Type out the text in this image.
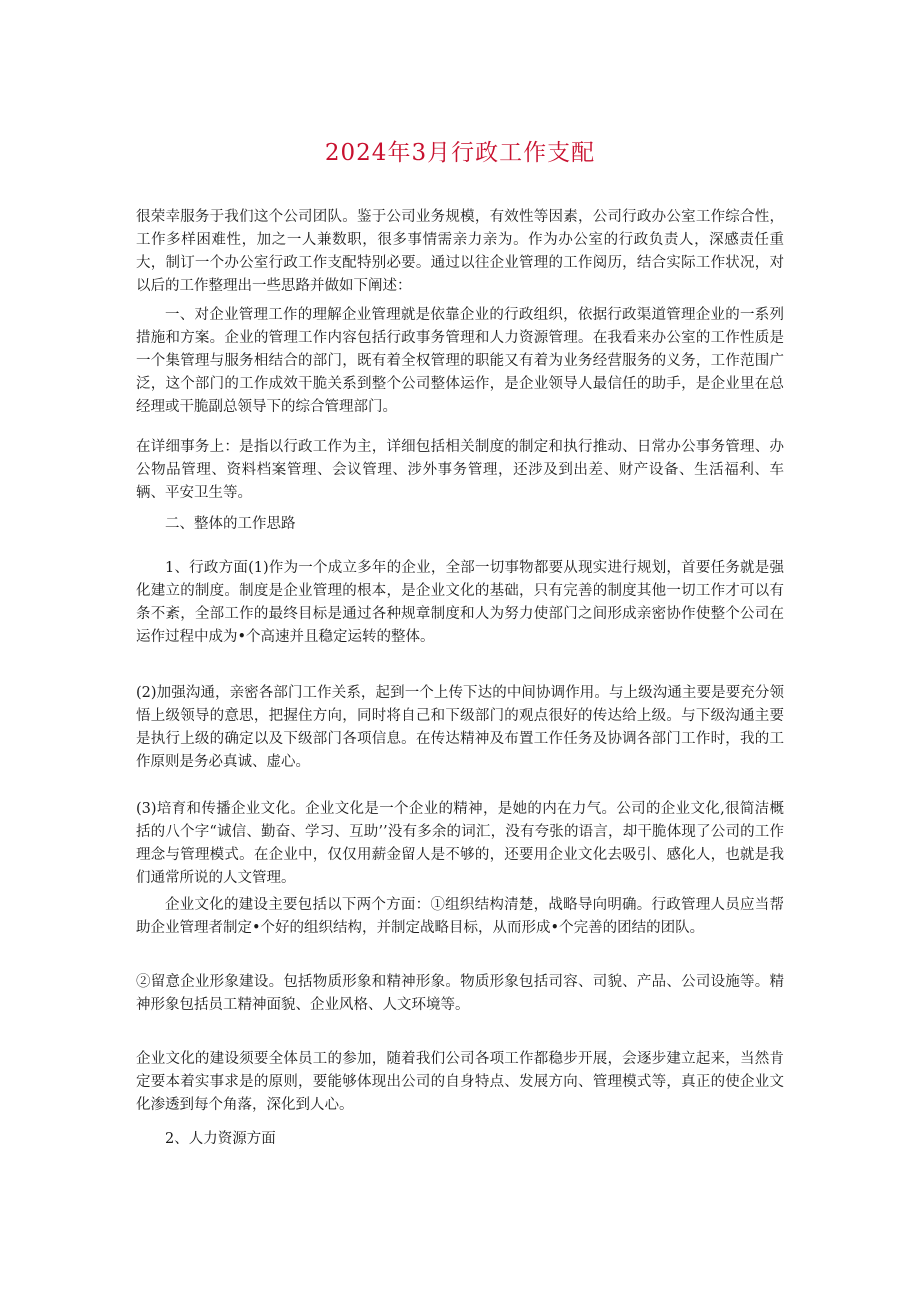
2024年3月行政工作支配

很荣幸服务于我们这个公司团队。鉴于公司业务规模，有效性等因素，公司行政办公室工作综合性，工作多样困难性，加之一人兼数职，很多事情需亲力亲为。作为办公室的行政负责人，深感责任重大，制订一个办公室行政工作支配特别必要。通过以往企业管理的工作阅历，结合实际工作状况，对以后的工作整理出一些思路并做如下阐述：

一、对企业管理工作的理解企业管理就是依靠企业的行政组织，依据行政渠道管理企业的一系列措施和方案。企业的管理工作内容包括行政事务管理和人力资源管理。在我看来办公室的工作性质是一个集管理与服务相结合的部门，既有着全权管理的职能又有着为业务经营服务的义务，工作范围广泛，这个部门的工作成效干脆关系到整个公司整体运作，是企业领导人最信任的助手，是企业里在总经理或干脆副总领导下的综合管理部门。

在详细事务上：是指以行政工作为主，详细包括相关制度的制定和执行推动、日常办公事务管理、办公物品管理、资料档案管理、会议管理、涉外事务管理，还涉及到出差、财产设备、生活福利、车辆、平安卫生等。

二、整体的工作思路

1、行政方面(1)作为一个成立多年的企业，全部一切事物都要从现实进行规划，首要任务就是强化建立的制度。制度是企业管理的根本，是企业文化的基础，只有完善的制度其他一切工作才可以有条不紊，全部工作的最终目标是通过各种规章制度和人为努力使部门之间形成亲密协作使整个公司在运作过程中成为•个高速并且稳定运转的整体。

(2)加强沟通，亲密各部门工作关系，起到一个上传下达的中间协调作用。与上级沟通主要是要充分领悟上级领导的意思，把握住方向，同时将自己和下级部门的观点很好的传达给上级。与下级沟通主要是执行上级的确定以及下级部门各项信息。在传达精神及布置工作任务及协调各部门工作时，我的工作原则是务必真诚、虚心。

(3)培育和传播企业文化。企业文化是一个企业的精神，是她的内在力气。公司的企业文化,很简洁概括的八个字“诚信、勤奋、学习、互助’’没有多余的词汇，没有夸张的语言，却干脆体现了公司的工作理念与管理模式。在企业中，仅仅用薪金留人是不够的，还要用企业文化去吸引、感化人，也就是我们通常所说的人文管理。

企业文化的建设主要包括以下两个方面：①组织结构清楚，战略导向明确。行政管理人员应当帮助企业管理者制定•个好的组织结构，并制定战略目标，从而形成•个完善的团结的团队。

②留意企业形象建设。包括物质形象和精神形象。物质形象包括司容、司貌、产品、公司设施等。精神形象包括员工精神面貌、企业风格、人文环境等。

企业文化的建设须要全体员工的参加，随着我们公司各项工作都稳步开展，会逐步建立起来，当然肯定要本着实事求是的原则，要能够体现出公司的自身特点、发展方向、管理模式等，真正的使企业文化渗透到每个角落，深化到人心。

2、人力资源方面
